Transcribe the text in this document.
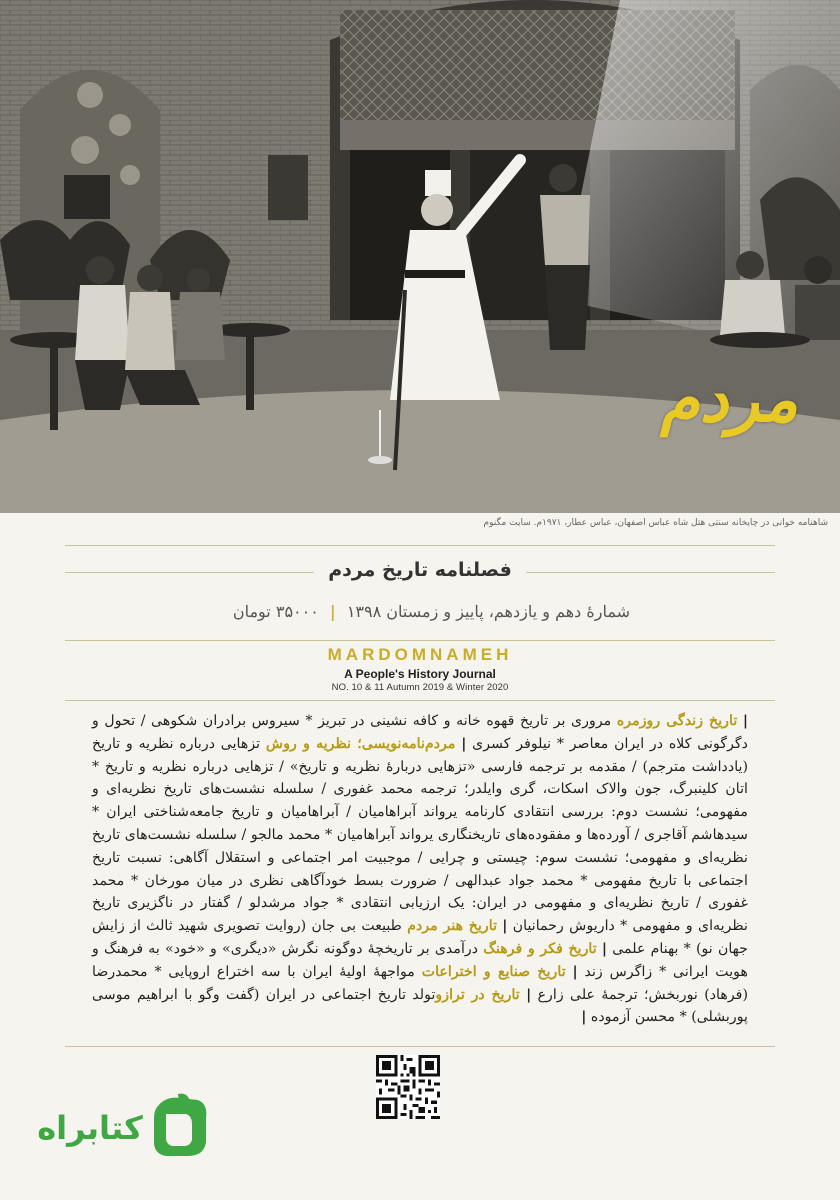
مردم
شاهنامه خوانی در چایخانه سنتی هتل شاه عباس اصفهان، عباس عطار، ۱۹۷۱م. سایت مگنوم
فصلنامه تاریخ مردم
شمارهٔ دهم و یازدهم، پاییز و زمستان ۱۳۹۸ | ۳۵۰۰۰ تومان
MARDOMNAMEH
A People's History Journal
NO. 10 & 11 Autumn 2019 & Winter 2020
| تاریخ زندگی روزمره مروری بر تاریخ قهوه خانه و کافه نشینی در تبریز * سیروس برادران شکوهی / تحول و دگرگونی کلاه در ایران معاصر * نیلوفر کسری | مردم‌نامه‌نویسی؛ نظریه و روش تزهایی درباره نظریه و تاریخ (یادداشت مترجم) / مقدمه بر ترجمه فارسی «تزهایی دربارهٔ نظریه و تاریخ» / تزهایی درباره نظریه و تاریخ * اتان کلینبرگ، جون والاک اسکات، گری وایلدر؛ ترجمه محمد غفوری / سلسله نشست‌های تاریخ نظریه‌ای و مفهومی؛ نشست دوم: بررسی انتقادی کارنامه یرواند آبراهامیان / آبراهامیان و تاریخ جامعه‌شناختی ایران * سیدهاشم آقاجری / آورده‌ها و مفقوده‌های تاریخنگاری یرواند آبراهامیان * محمد مالجو / سلسله نشست‌های تاریخ نظریه‌ای و مفهومی؛ نشست سوم: چیستی و چرایی / موجبیت امر اجتماعی و استقلال آگاهی: نسبت تاریخ اجتماعی با تاریخ مفهومی * محمد جواد عبدالهی / ضرورت بسط خودآگاهی نظری در میان مورخان * محمد غفوری / تاریخ نظریه‌ای و مفهومی در ایران: یک ارزیابی انتقادی * جواد مرشدلو / گفتار در ناگزیری تاریخ نظریه‌ای و مفهومی * داریوش رحمانیان | تاریخ هنر مردم طبیعت بی جان (روایت تصویری شهید ثالث از زایش جهان نو) * بهنام علمی | تاریخ فکر و فرهنگ درآمدی بر تاریخچهٔ دوگونه نگرش «دیگری» و «خود» به فرهنگ و هویت ایرانی * زاگرس زند | تاریخ صنایع و اختراعات مواجههٔ اولیهٔ ایران با سه اختراع اروپایی * محمدرضا (فرهاد) نوربخش؛ ترجمهٔ علی زارع | تاریخ در ترازوتولد تاریخ اجتماعی در ایران (گفت وگو با ابراهیم موسی پوربشلی) * محسن آزموده |
کتابراه
